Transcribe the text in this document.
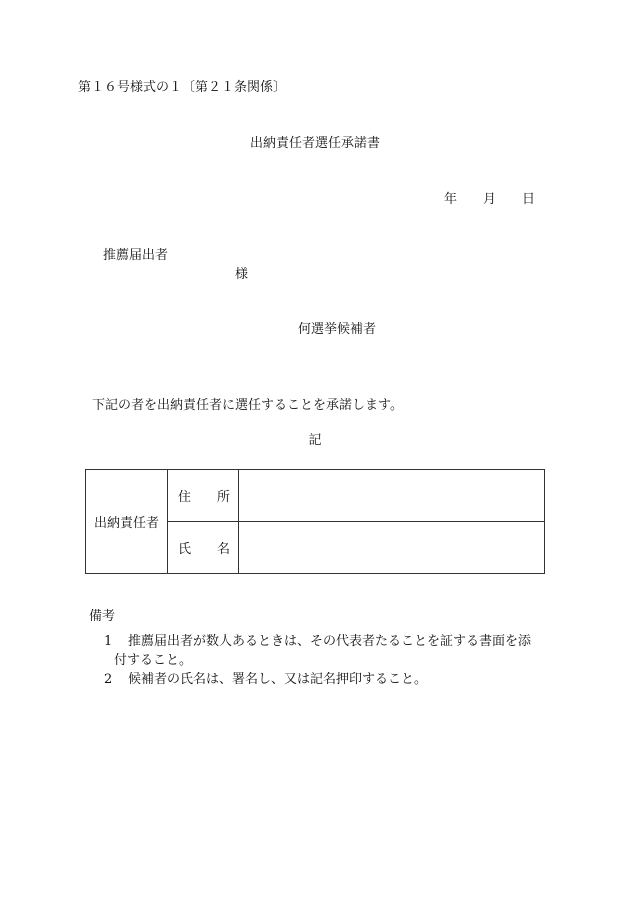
第１６号様式の１〔第２１条関係〕
出納責任者選任承諾書
年 月 日
推薦届出者
様
何選挙候補者
下記の者を出納責任者に選任することを承諾します。
記
出納責任者	住 所	

	氏 名	

備考
1 推薦届出者が数人あるときは、その代表者たることを証する書面を添
付すること。
2 候補者の氏名は、署名し、又は記名押印すること。
